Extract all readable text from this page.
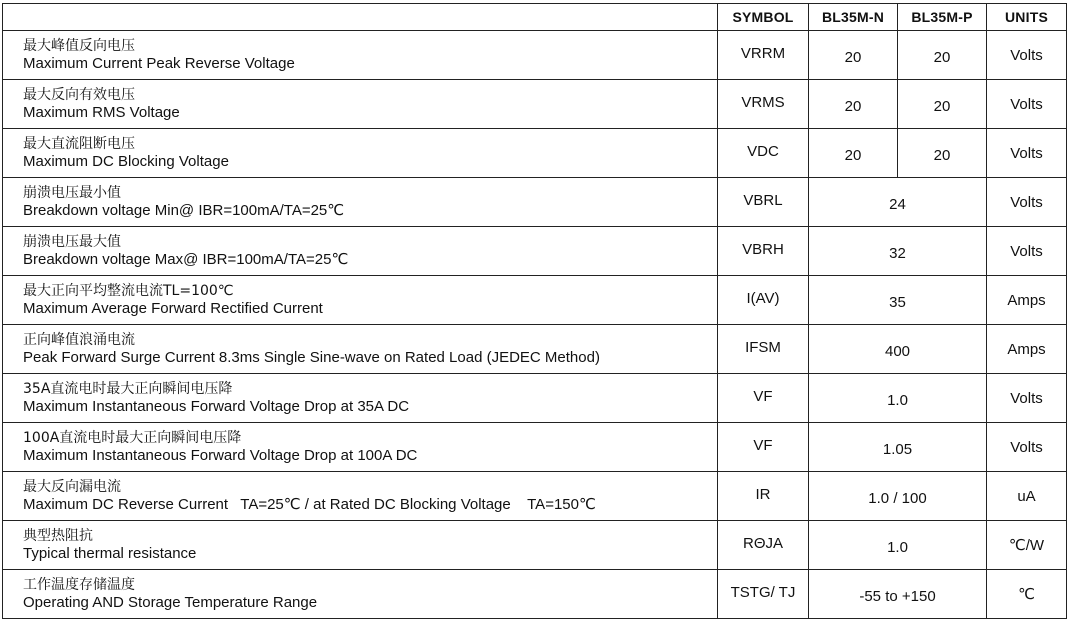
	SYMBOL	BL35M-N	BL35M-P	UNITS

最大峰值反向电压
Maximum Current Peak Reverse Voltage	VRRM	20	20	Volts

最大反向有效电压
Maximum RMS Voltage	VRMS	20	20	Volts

最大直流阻断电压
Maximum DC Blocking Voltage	VDC	20	20	Volts

崩溃电压最小值
Breakdown voltage Min@ IBR=100mA/TA=25℃	VBRL	24		Volts

崩溃电压最大值
Breakdown voltage Max@ IBR=100mA/TA=25℃	VBRH	32		Volts

最大正向平均整流电流TL=100℃
Maximum Average Forward Rectified Current	I(AV)	35		Amps

正向峰值浪涌电流
Peak Forward Surge Current 8.3ms Single Sine-wave on Rated Load (JEDEC Method)	IFSM	400		Amps

35A直流电时最大正向瞬间电压降
Maximum Instantaneous Forward Voltage Drop at 35A DC	VF	1.0		Volts

100A直流电时最大正向瞬间电压降
Maximum Instantaneous Forward Voltage Drop at 100A DC	VF	1.05		Volts

最大反向漏电流
Maximum DC Reverse Current   TA=25℃ / at Rated DC Blocking Voltage    TA=150℃	IR	1.0 / 100		uA

典型热阻抗
Typical thermal resistance	RΘJA	1.0		℃/W

工作温度存储温度
Operating AND Storage Temperature Range	TSTG/ TJ	-55 to +150		℃
